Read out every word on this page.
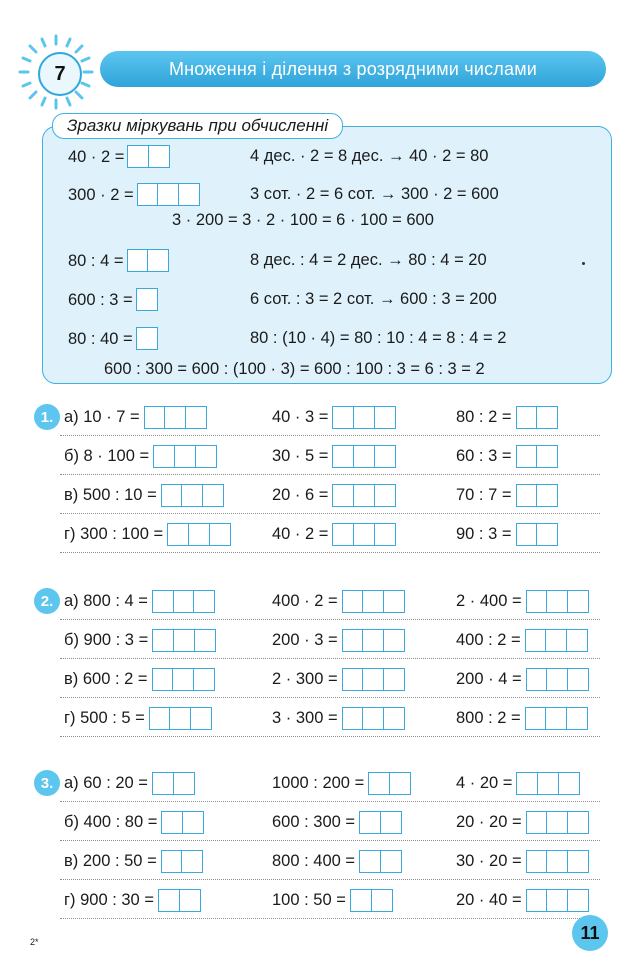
7	Множення і ділення з розрядними числами
Зразки міркувань при обчисленні
40 · 2 =	4 дес. · 2 = 8 дес. → 40 · 2 = 80
300 · 2 =	3 сот. · 2 = 6 сот. → 300 · 2 = 600
80 : 4 =	8 дес. : 4 = 2 дес. → 80 : 4 = 20
600 : 3 =	6 сот. : 3 = 2 сот. → 600 : 3 = 200
80 : 40 =	80 : (10 · 4) = 80 : 10 : 4 = 8 : 4 = 2
3 · 200 = 3 · 2 · 100 = 6 · 100 = 600
600 : 300 = 600 : (100 · 3) = 600 : 100 : 3 = 6 : 3 = 2
1. а) 10 · 7 =	40 · 3 =	80 : 2 =
б) 8 · 100 =	30 · 5 =	60 : 3 =
в) 500 : 10 =	20 · 6 =	70 : 7 =
г) 300 : 100 =	40 · 2 =	90 : 3 =
2. а) 800 : 4 =	400 · 2 =	2 · 400 =
б) 900 : 3 =	200 · 3 =	400 : 2 =
в) 600 : 2 =	2 · 300 =	200 · 4 =
г) 500 : 5 =	3 · 300 =	800 : 2 =
3. а) 60 : 20 =	1000 : 200 =	4 · 20 =
б) 400 : 80 =	600 : 300 =	20 · 20 =
в) 200 : 50 =	800 : 400 =	30 · 20 =
г) 900 : 30 =	100 : 50 =	20 · 40 =
2*	11
